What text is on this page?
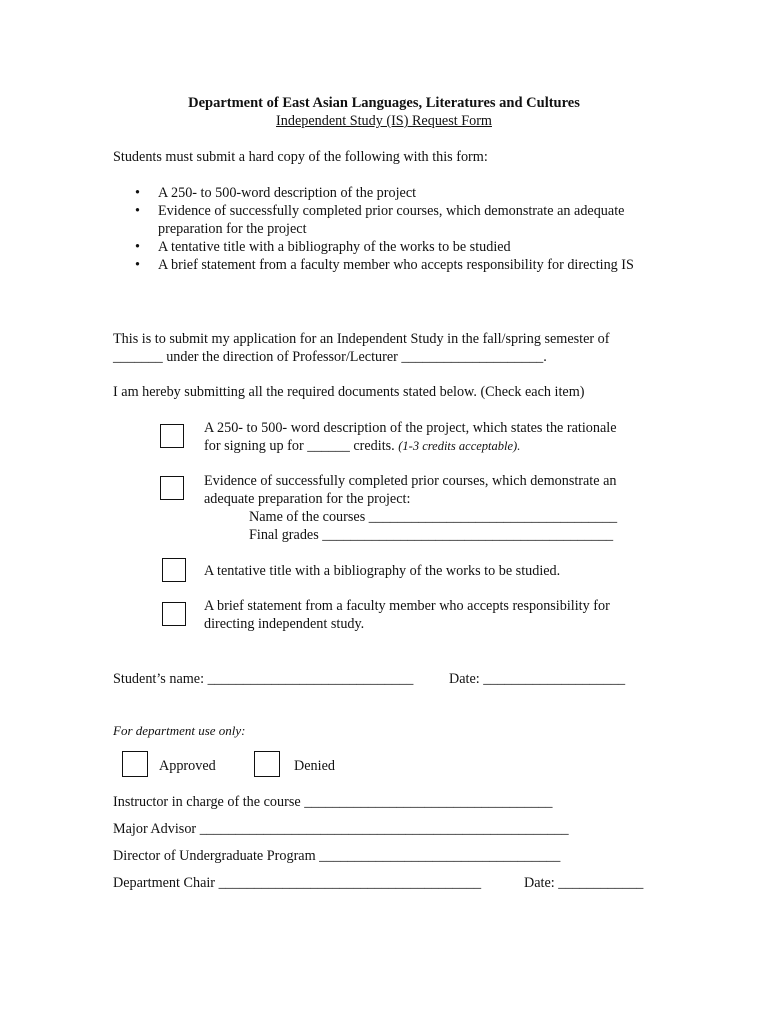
Department of East Asian Languages, Literatures and Cultures
Independent Study (IS) Request Form
Students must submit a hard copy of the following with this form:
• A 250- to 500-word description of the project
• Evidence of successfully completed prior courses, which demonstrate an adequate preparation for the project
• A tentative title with a bibliography of the works to be studied
• A brief statement from a faculty member who accepts responsibility for directing IS
This is to submit my application for an Independent Study in the fall/spring semester of
_______ under the direction of Professor/Lecturer ____________________.
I am hereby submitting all the required documents stated below. (Check each item)
A 250- to 500- word description of the project, which states the rationale
for signing up for ______ credits. (1-3 credits acceptable).
Evidence of successfully completed prior courses, which demonstrate an
adequate preparation for the project:
Name of the courses ___________________________________
Final grades _________________________________________
A tentative title with a bibliography of the works to be studied.
A brief statement from a faculty member who accepts responsibility for
directing independent study.
Student’s name: _____________________________	Date: ____________________
For department use only:
Approved	Denied
Instructor in charge of the course ___________________________________
Major Advisor ____________________________________________________
Director of Undergraduate Program __________________________________
Department Chair _____________________________________	Date: ____________
